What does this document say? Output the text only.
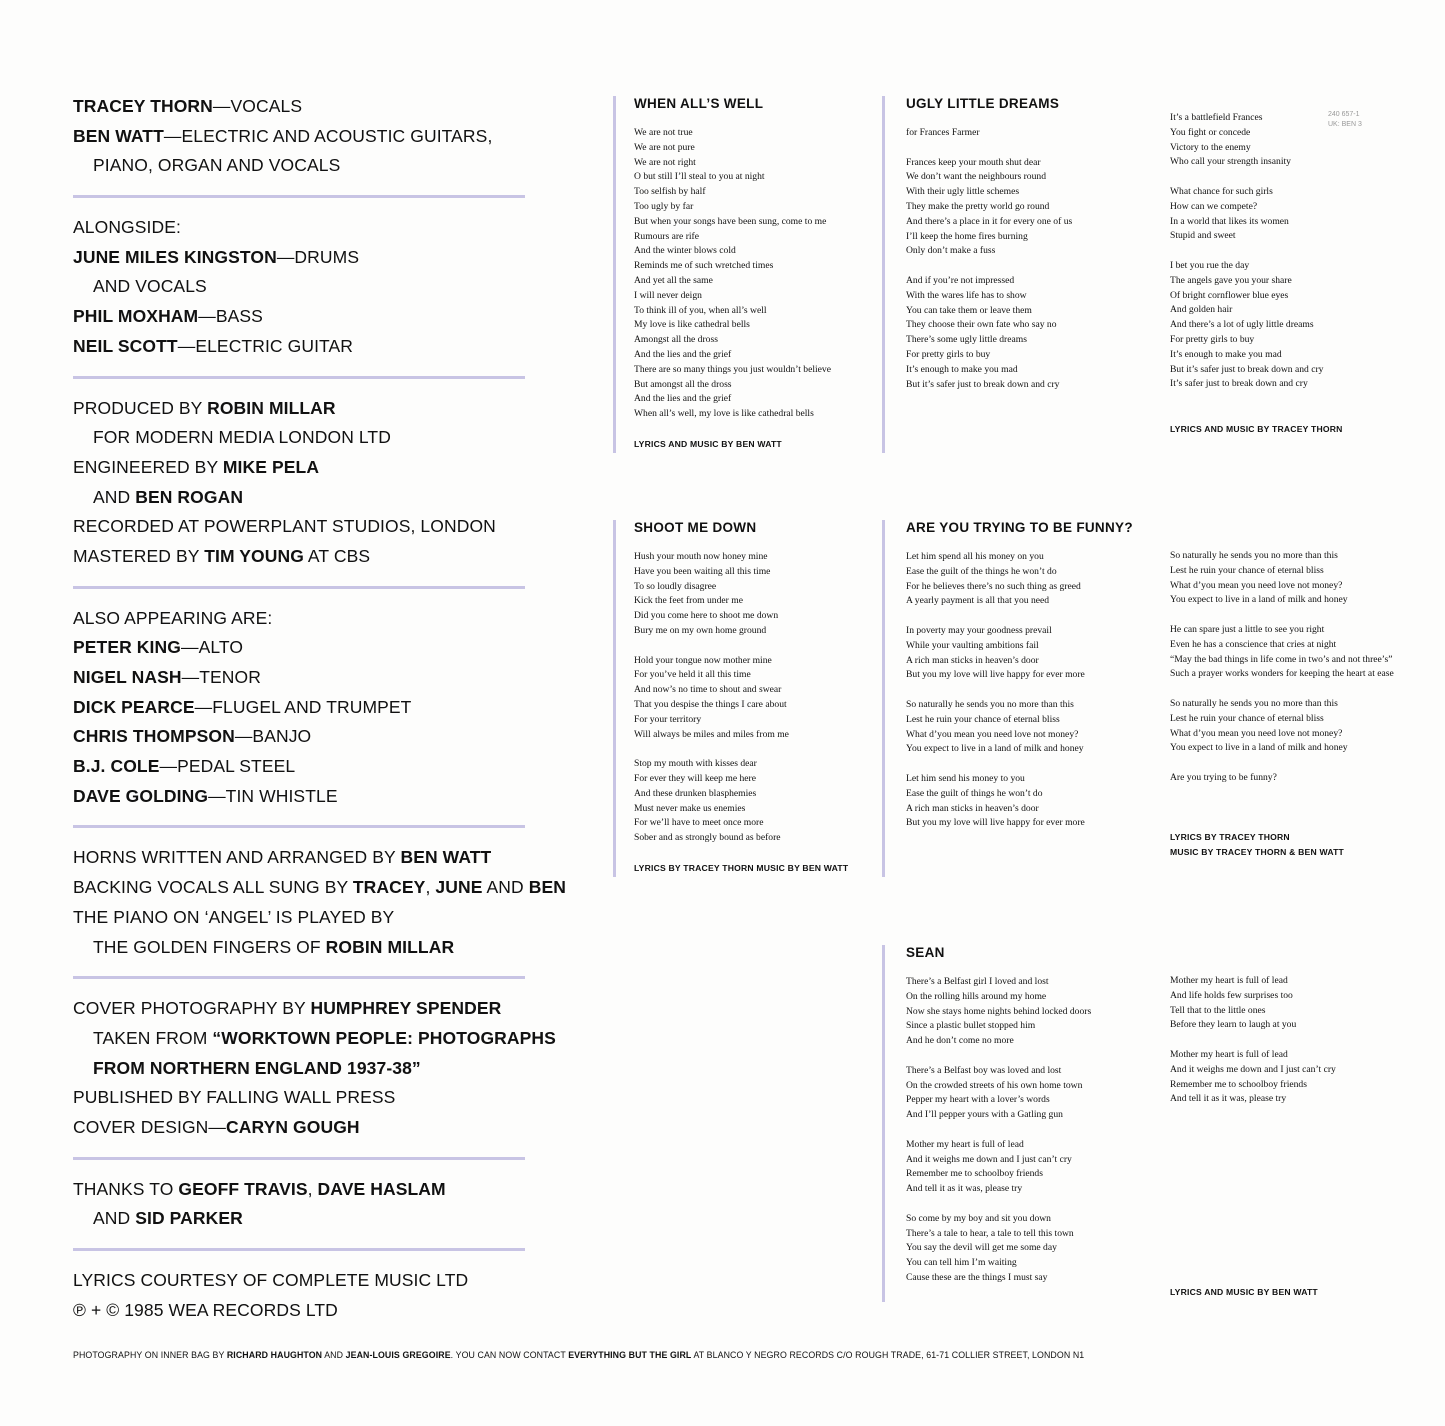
TRACEY THORN—VOCALS
BEN WATT—ELECTRIC AND ACOUSTIC GUITARS,
PIANO, ORGAN AND VOCALS
ALONGSIDE:
JUNE MILES KINGSTON—DRUMS
AND VOCALS
PHIL MOXHAM—BASS
NEIL SCOTT—ELECTRIC GUITAR
PRODUCED BY ROBIN MILLAR
FOR MODERN MEDIA LONDON LTD
ENGINEERED BY MIKE PELA
AND BEN ROGAN
RECORDED AT POWERPLANT STUDIOS, LONDON
MASTERED BY TIM YOUNG AT CBS
ALSO APPEARING ARE:
PETER KING—ALTO
NIGEL NASH—TENOR
DICK PEARCE—FLUGEL AND TRUMPET
CHRIS THOMPSON—BANJO
B.J. COLE—PEDAL STEEL
DAVE GOLDING—TIN WHISTLE
HORNS WRITTEN AND ARRANGED BY BEN WATT
BACKING VOCALS ALL SUNG BY TRACEY, JUNE AND BEN
THE PIANO ON ‘ANGEL’ IS PLAYED BY
THE GOLDEN FINGERS OF ROBIN MILLAR
COVER PHOTOGRAPHY BY HUMPHREY SPENDER
TAKEN FROM “WORKTOWN PEOPLE: PHOTOGRAPHS
FROM NORTHERN ENGLAND 1937-38”
PUBLISHED BY FALLING WALL PRESS
COVER DESIGN—CARYN GOUGH
THANKS TO GEOFF TRAVIS, DAVE HASLAM
AND SID PARKER
LYRICS COURTESY OF COMPLETE MUSIC LTD
℗ + © 1985 WEA RECORDS LTD
WHEN ALL’S WELL
We are not true
We are not pure
We are not right
O but still I’ll steal to you at night
Too selfish by half
Too ugly by far
But when your songs have been sung, come to me
Rumours are rife
And the winter blows cold
Reminds me of such wretched times
And yet all the same
I will never deign
To think ill of you, when all’s well
My love is like cathedral bells
Amongst all the dross
And the lies and the grief
There are so many things you just wouldn’t believe
But amongst all the dross
And the lies and the grief
When all’s well, my love is like cathedral bells
LYRICS AND MUSIC BY BEN WATT
UGLY LITTLE DREAMS
for Frances Farmer
Frances keep your mouth shut dear
We don’t want the neighbours round
With their ugly little schemes
They make the pretty world go round
And there’s a place in it for every one of us
I’ll keep the home fires burning
Only don’t make a fuss
And if you’re not impressed
With the wares life has to show
You can take them or leave them
They choose their own fate who say no
There’s some ugly little dreams
For pretty girls to buy
It’s enough to make you mad
But it’s safer just to break down and cry
It’s a battlefield Frances
You fight or concede
Victory to the enemy
Who call your strength insanity
What chance for such girls
How can we compete?
In a world that likes its women
Stupid and sweet
I bet you rue the day
The angels gave you your share
Of bright cornflower blue eyes
And golden hair
And there’s a lot of ugly little dreams
For pretty girls to buy
It’s enough to make you mad
But it’s safer just to break down and cry
It’s safer just to break down and cry
LYRICS AND MUSIC BY TRACEY THORN
240 657-1
UK: BEN 3
SHOOT ME DOWN
Hush your mouth now honey mine
Have you been waiting all this time
To so loudly disagree
Kick the feet from under me
Did you come here to shoot me down
Bury me on my own home ground
Hold your tongue now mother mine
For you’ve held it all this time
And now’s no time to shout and swear
That you despise the things I care about
For your territory
Will always be miles and miles from me
Stop my mouth with kisses dear
For ever they will keep me here
And these drunken blasphemies
Must never make us enemies
For we’ll have to meet once more
Sober and as strongly bound as before
LYRICS BY TRACEY THORN MUSIC BY BEN WATT
ARE YOU TRYING TO BE FUNNY?
Let him spend all his money on you
Ease the guilt of the things he won’t do
For he believes there’s no such thing as greed
A yearly payment is all that you need
In poverty may your goodness prevail
While your vaulting ambitions fail
A rich man sticks in heaven’s door
But you my love will live happy for ever more
So naturally he sends you no more than this
Lest he ruin your chance of eternal bliss
What d’you mean you need love not money?
You expect to live in a land of milk and honey
Let him send his money to you
Ease the guilt of things he won’t do
A rich man sticks in heaven’s door
But you my love will live happy for ever more
So naturally he sends you no more than this
Lest he ruin your chance of eternal bliss
What d’you mean you need love not money?
You expect to live in a land of milk and honey
He can spare just a little to see you right
Even he has a conscience that cries at night
“May the bad things in life come in two’s and not three’s”
Such a prayer works wonders for keeping the heart at ease
So naturally he sends you no more than this
Lest he ruin your chance of eternal bliss
What d’you mean you need love not money?
You expect to live in a land of milk and honey
Are you trying to be funny?
LYRICS BY TRACEY THORN
MUSIC BY TRACEY THORN & BEN WATT
SEAN
There’s a Belfast girl I loved and lost
On the rolling hills around my home
Now she stays home nights behind locked doors
Since a plastic bullet stopped him
And he don’t come no more
There’s a Belfast boy was loved and lost
On the crowded streets of his own home town
Pepper my heart with a lover’s words
And I’ll pepper yours with a Gatling gun
Mother my heart is full of lead
And it weighs me down and I just can’t cry
Remember me to schoolboy friends
And tell it as it was, please try
So come by my boy and sit you down
There’s a tale to hear, a tale to tell this town
You say the devil will get me some day
You can tell him I’m waiting
Cause these are the things I must say
Mother my heart is full of lead
And life holds few surprises too
Tell that to the little ones
Before they learn to laugh at you
Mother my heart is full of lead
And it weighs me down and I just can’t cry
Remember me to schoolboy friends
And tell it as it was, please try
LYRICS AND MUSIC BY BEN WATT
PHOTOGRAPHY ON INNER BAG BY RICHARD HAUGHTON AND JEAN-LOUIS GREGOIRE. YOU CAN NOW CONTACT EVERYTHING BUT THE GIRL AT BLANCO Y NEGRO RECORDS C/O ROUGH TRADE, 61-71 COLLIER STREET, LONDON N1
